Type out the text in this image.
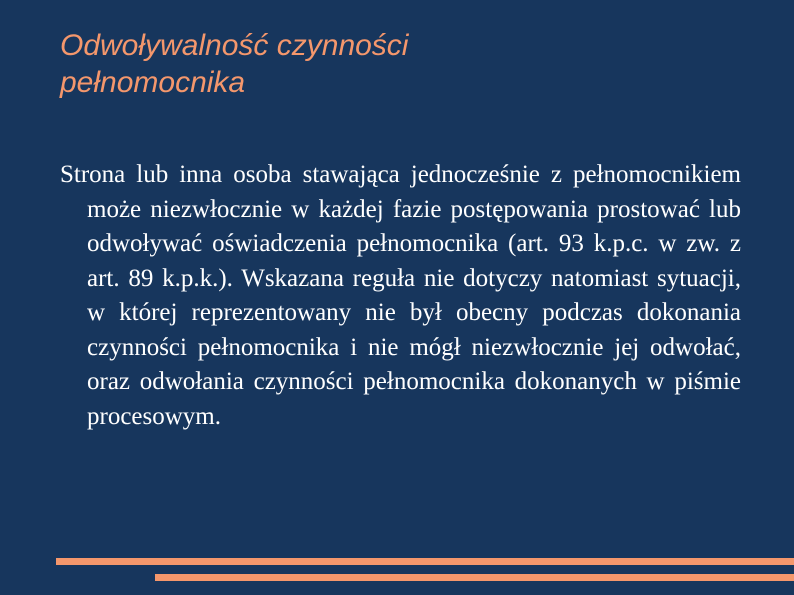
Odwoływalność czynności
pełnomocnika

Strona lub inna osoba stawająca jednocześnie z pełnomocnikiem może niezwłocznie w każdej fazie postępowania prostować lub odwoływać oświadczenia pełnomocnika (art. 93 k.p.c. w zw. z art. 89 k.p.k.). Wskazana reguła nie dotyczy natomiast sytuacji, w której reprezentowany nie był obecny podczas dokonania czynności pełnomocnika i nie mógł niezwłocznie jej odwołać, oraz odwołania czynności pełnomocnika dokonanych w piśmie procesowym.
